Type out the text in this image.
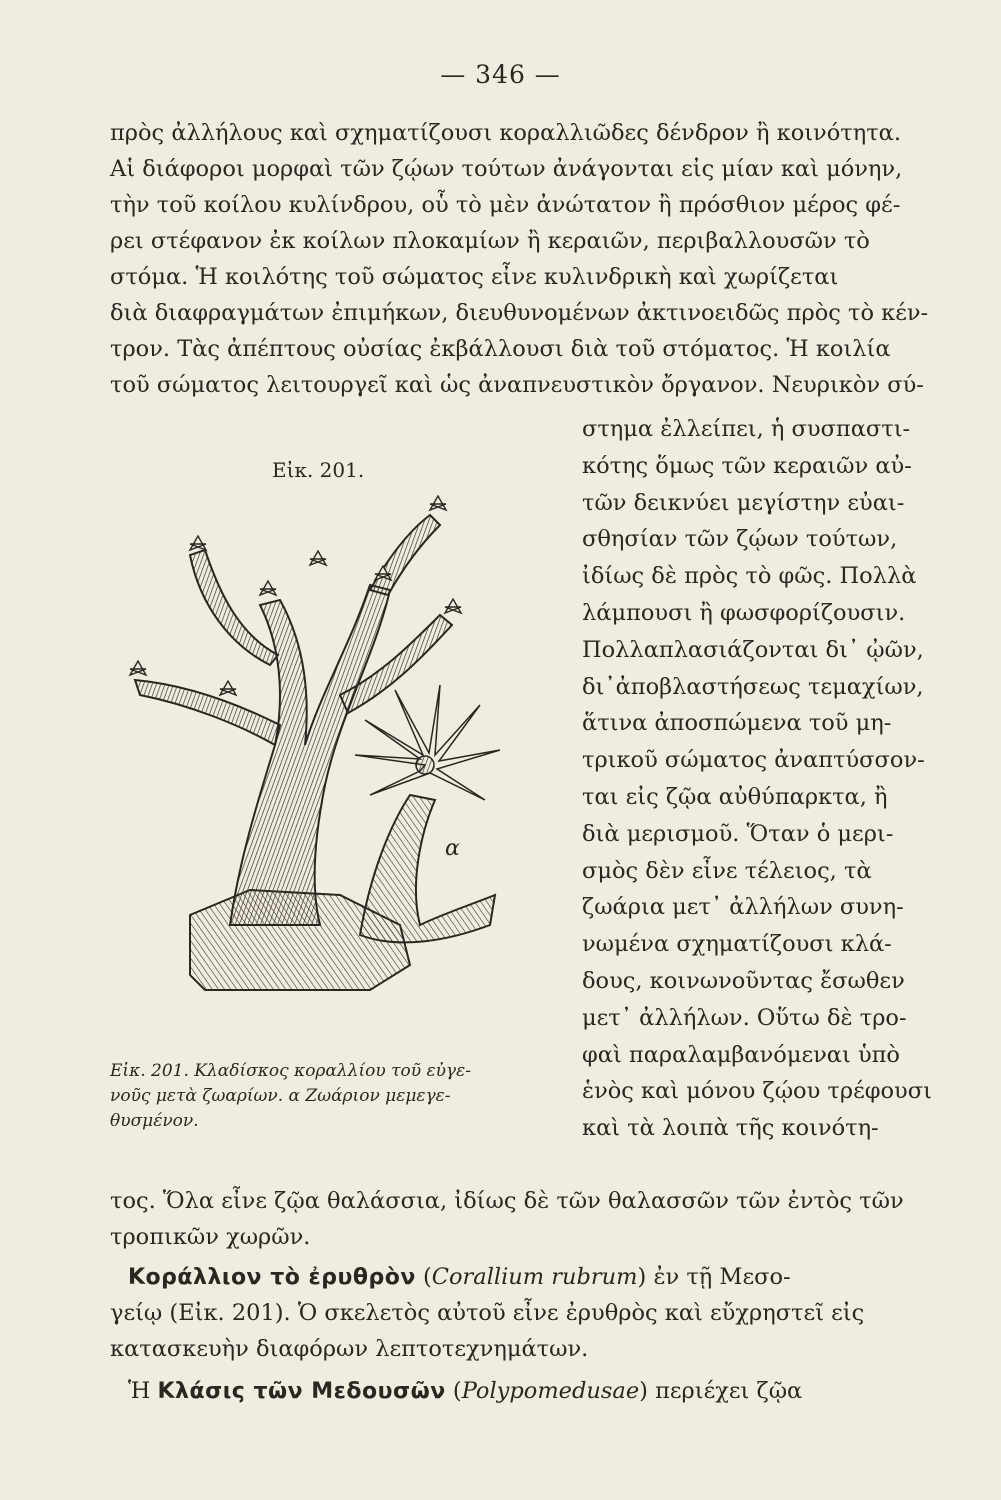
— 346 —
πρὸς ἀλλήλους καὶ σχηματίζουσι κοραλλιῶδες δένδρον ἢ κοινότητα.
Αἱ διάφοροι μορφαὶ τῶν ζῴων τούτων ἀνάγονται εἰς μίαν καὶ μόνην,
τὴν τοῦ κοίλου κυλίνδρου, οὗ τὸ μὲν ἀνώτατον ἢ πρόσθιον μέρος φέ-
ρει στέφανον ἐκ κοίλων πλοκαμίων ἢ κεραιῶν, περιβαλλουσῶν τὸ
στόμα. Ἡ κοιλότης τοῦ σώματος εἶνε κυλινδρικὴ καὶ χωρίζεται
διὰ διαφραγμάτων ἐπιμήκων, διευθυνομένων ἀκτινοειδῶς πρὸς τὸ κέν-
τρον. Τὰς ἀπέπτους οὐσίας ἐκβάλλουσι διὰ τοῦ στόματος. Ἡ κοιλία
τοῦ σώματος λειτουργεῖ καὶ ὡς ἀναπνευστικὸν ὄργανον. Νευρικὸν σύ-
στημα ἐλλείπει, ἡ συσπαστι-
κότης ὅμως τῶν κεραιῶν αὐ-
τῶν δεικνύει μεγίστην εὐαι-
σθησίαν τῶν ζῴων τούτων,
ἰδίως δὲ πρὸς τὸ φῶς. Πολλὰ
λάμπουσι ἢ φωσφορίζουσιν.
Πολλαπλασιάζονται δι᾽ ᾠῶν,
δι᾽ἀποβλαστήσεως τεμαχίων,
ἅτινα ἀποσπώμενα τοῦ μη-
τρικοῦ σώματος ἀναπτύσσον-
ται εἰς ζῷα αὐθύπαρκτα, ἢ
διὰ μερισμοῦ. Ὅταν ὁ μερι-
σμὸς δὲν εἶνε τέλειος, τὰ
ζωάρια μετ᾽ ἀλλήλων συνη-
νωμένα σχηματίζουσι κλά-
δους, κοινωνοῦντας ἔσωθεν
μετ᾽ ἀλλήλων. Οὕτω δὲ τρο-
φαὶ παραλαμβανόμεναι ὑπὸ
ἑνὸς καὶ μόνου ζῴου τρέφουσι
καὶ τὰ λοιπὰ τῆς κοινότη-
Εἰκ. 201.
α
Εἰκ. 201. Κλαδίσκος κοραλλίου τοῦ εὐγε-
νοῦς μετὰ ζωαρίων. α Ζωάριον μεμεγε-
θυσμένον.
τος. Ὅλα εἶνε ζῷα θαλάσσια, ἰδίως δὲ τῶν θαλασσῶν τῶν ἐντὸς τῶν
τροπικῶν χωρῶν.
Κοράλλιον τὸ ἐρυθρὸν (Corallium rubrum) ἐν τῇ Μεσο-
γείῳ (Εἰκ. 201). Ὁ σκελετὸς αὐτοῦ εἶνε ἐρυθρὸς καὶ εὔχρηστεῖ εἰς
κατασκευὴν διαφόρων λεπτοτεχνημάτων.
Ἡ Κλάσις τῶν Μεδουσῶν (Polypomedusae) περιέχει ζῷα
